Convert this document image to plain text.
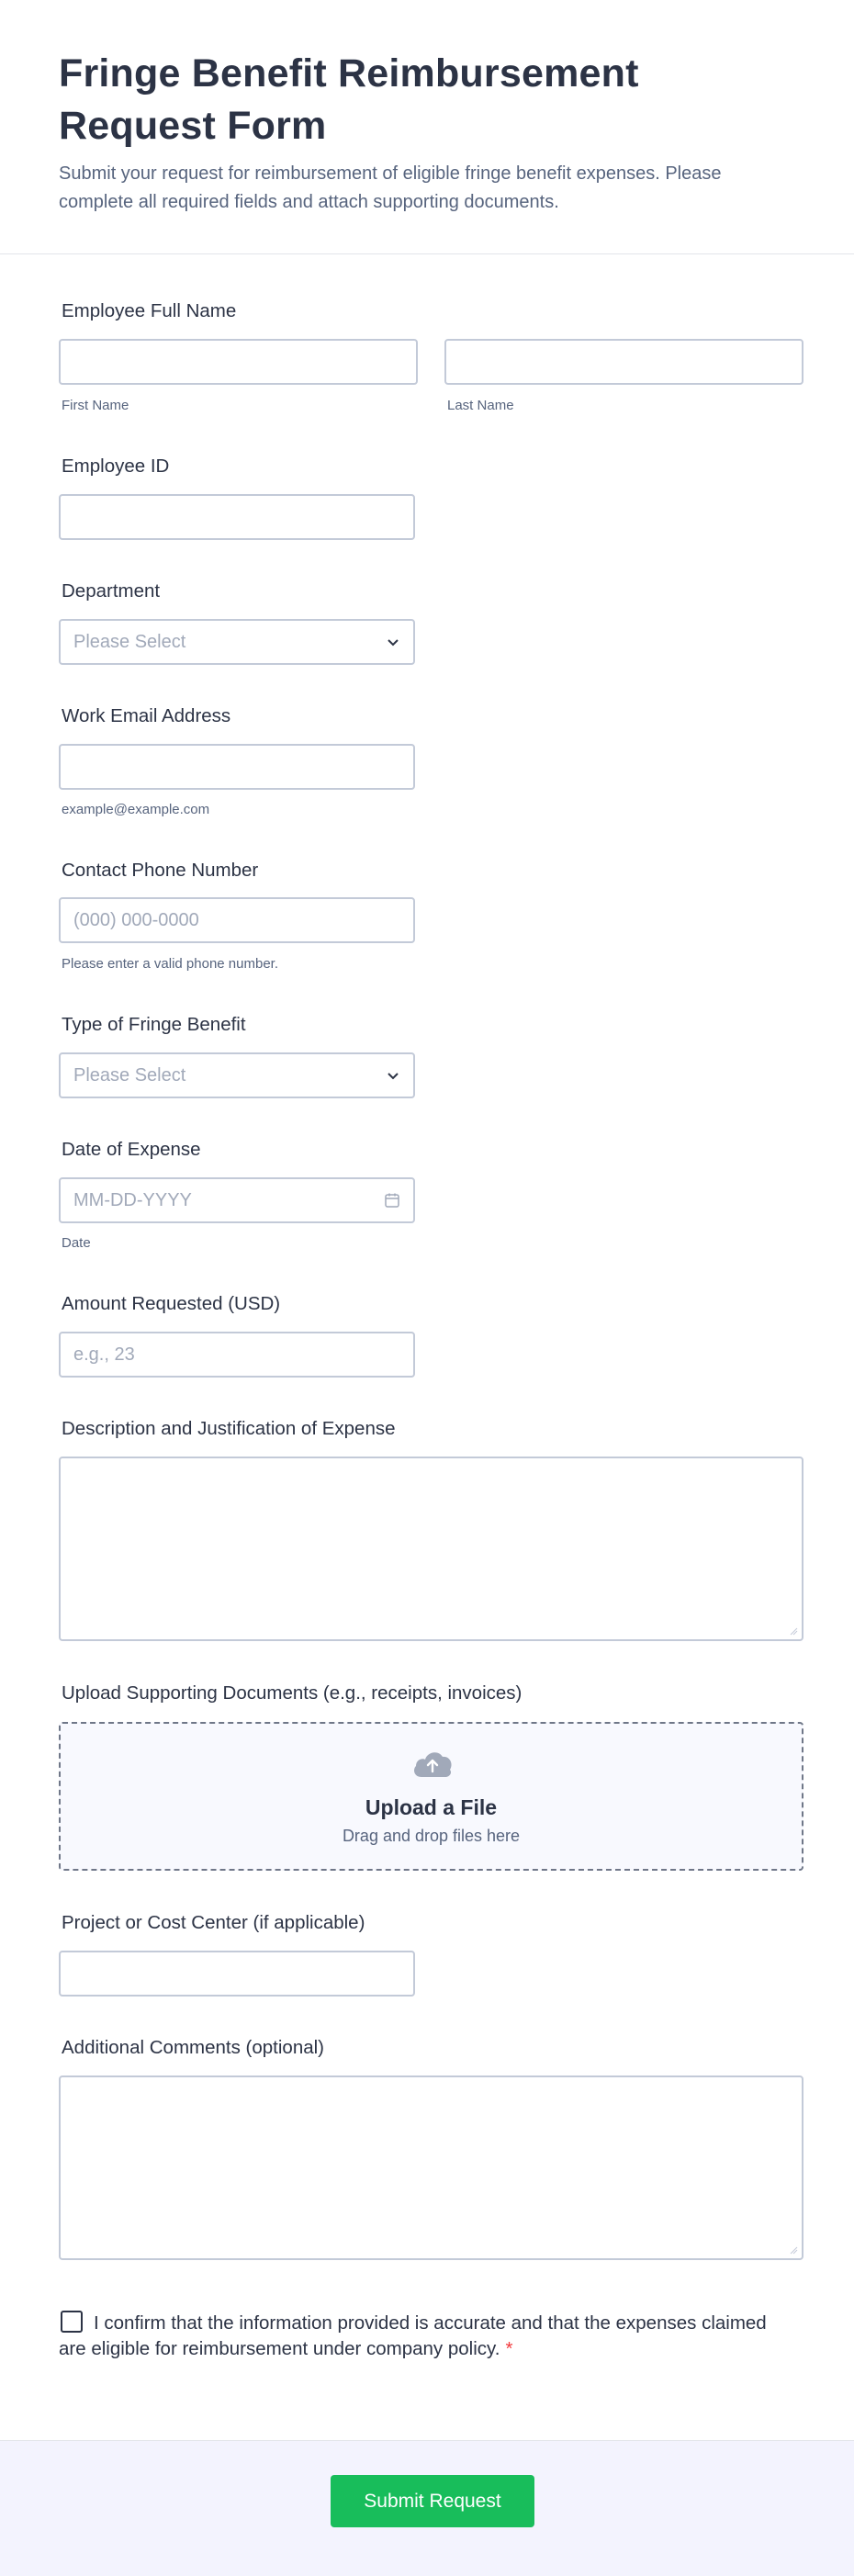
Fringe Benefit Reimbursement Request Form
Submit your request for reimbursement of eligible fringe benefit expenses. Please complete all required fields and attach supporting documents.
Employee Full Name
First Name	Last Name
Employee ID
Department
Please Select
Work Email Address
example@example.com
Contact Phone Number
(000) 000-0000
Please enter a valid phone number.
Type of Fringe Benefit
Please Select
Date of Expense
MM-DD-YYYY
Date
Amount Requested (USD)
e.g., 23
Description and Justification of Expense
Upload Supporting Documents (e.g., receipts, invoices)
Upload a File
Drag and drop files here
Project or Cost Center (if applicable)
Additional Comments (optional)
I confirm that the information provided is accurate and that the expenses claimed are eligible for reimbursement under company policy. *
Submit Request
